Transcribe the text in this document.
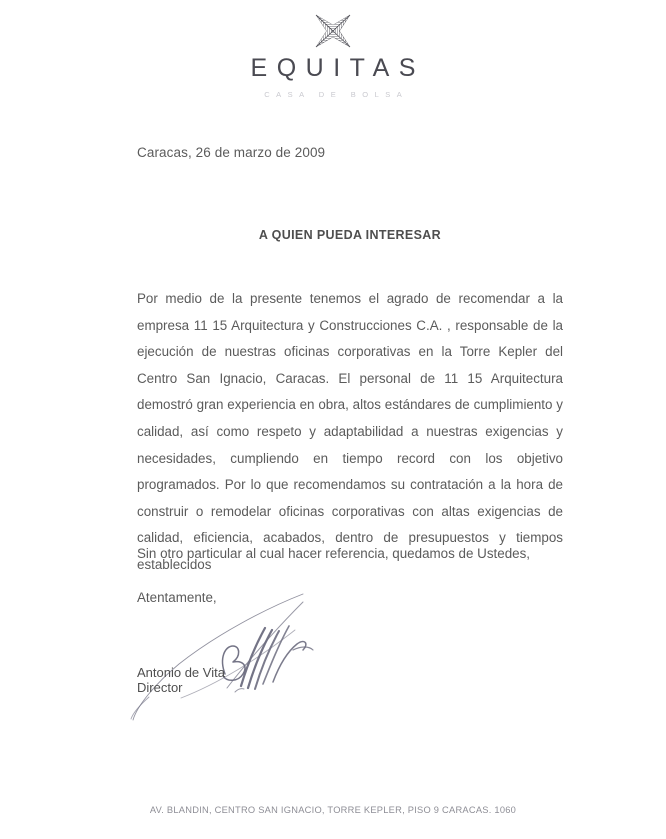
EQUITAS
CASA DE BOLSA
Caracas, 26 de marzo de 2009
A QUIEN PUEDA INTERESAR
Por medio de la presente tenemos el agrado de recomendar a la empresa 11 15 Arquitectura y Construcciones C.A. , responsable de la ejecución de nuestras oficinas corporativas en la Torre Kepler del Centro San Ignacio, Caracas. El personal de 11 15 Arquitectura demostró gran experiencia en obra, altos estándares de cumplimiento y calidad, así como respeto y adaptabilidad a nuestras exigencias y necesidades, cumpliendo en tiempo record con los objetivo programados. Por lo que recomendamos su contratación a la hora de construir o remodelar oficinas corporativas con altas exigencias de calidad, eficiencia, acabados, dentro de presupuestos y tiempos establecidos
Sin otro particular al cual hacer referencia, quedamos de Ustedes,
Atentamente,
Antonio de Vita
Director
AV. BLANDIN, CENTRO SAN IGNACIO, TORRE KEPLER, PISO 9 CARACAS. 1060
